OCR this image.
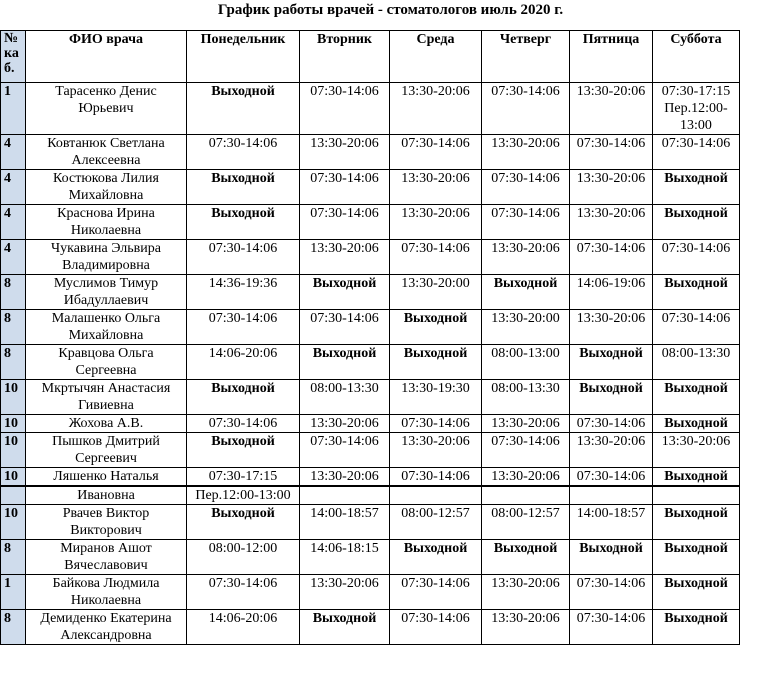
График работы врачей - стоматологов июль 2020 г.
№ ка б.	ФИО врача	Понедельник	Вторник	Среда	Четверг	Пятница	Суббота
1	Тарасенко Денис Юрьевич	Выходной	07:30-14:06	13:30-20:06	07:30-14:06	13:30-20:06	07:30-17:15 Пер.12:00-13:00
4	Ковтанюк Светлана Алексеевна	07:30-14:06	13:30-20:06	07:30-14:06	13:30-20:06	07:30-14:06	07:30-14:06
4	Костюкова Лилия Михайловна	Выходной	07:30-14:06	13:30-20:06	07:30-14:06	13:30-20:06	Выходной
4	Краснова Ирина Николаевна	Выходной	07:30-14:06	13:30-20:06	07:30-14:06	13:30-20:06	Выходной
4	Чукавина Эльвира Владимировна	07:30-14:06	13:30-20:06	07:30-14:06	13:30-20:06	07:30-14:06	07:30-14:06
8	Муслимов Тимур Ибадуллаевич	14:36-19:36	Выходной	13:30-20:00	Выходной	14:06-19:06	Выходной
8	Малашенко Ольга Михайловна	07:30-14:06	07:30-14:06	Выходной	13:30-20:00	13:30-20:06	07:30-14:06
8	Кравцова Ольга Сергеевна	14:06-20:06	Выходной	Выходной	08:00-13:00	Выходной	08:00-13:30
10	Мкртычян Анастасия Гивиевна	Выходной	08:00-13:30	13:30-19:30	08:00-13:30	Выходной	Выходной
10	Жохова А.В.	07:30-14:06	13:30-20:06	07:30-14:06	13:30-20:06	07:30-14:06	Выходной
10	Пышков Дмитрий Сергеевич	Выходной	07:30-14:06	13:30-20:06	07:30-14:06	13:30-20:06	13:30-20:06
10	Ляшенко Наталья	07:30-17:15	13:30-20:06	07:30-14:06	13:30-20:06	07:30-14:06	Выходной
	Ивановна	Пер.12:00-13:00					
10	Рвачев Виктор Викторович	Выходной	14:00-18:57	08:00-12:57	08:00-12:57	14:00-18:57	Выходной
8	Миранов Ашот Вячеславович	08:00-12:00	14:06-18:15	Выходной	Выходной	Выходной	Выходной
1	Байкова Людмила Николаевна	07:30-14:06	13:30-20:06	07:30-14:06	13:30-20:06	07:30-14:06	Выходной
8	Демиденко Екатерина Александровна	14:06-20:06	Выходной	07:30-14:06	13:30-20:06	07:30-14:06	Выходной
